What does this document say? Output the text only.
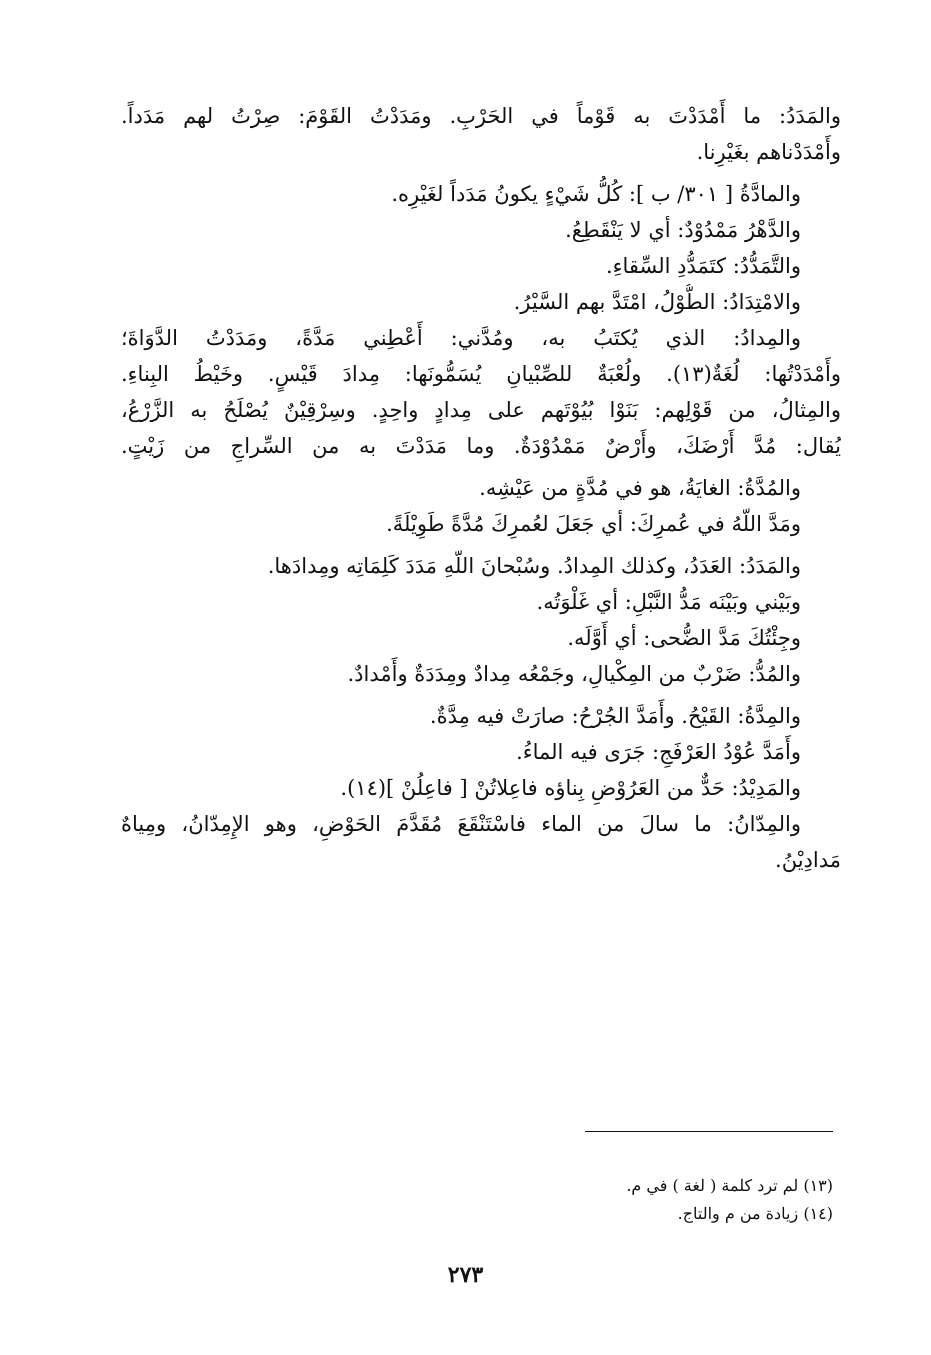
والمَدَدُ: ما أَمْدَدْتَ به قَوْماً في الحَرْبِ. ومَدَدْتُ القَوْمَ: صِرْتُ لهم مَدَداً.
وأَمْدَدْناهم بغَيْرِنا.
والمادَّةُ [ ٣٠١/ ب ]: كُلُّ شَيْءٍ يكونُ مَدَداً لغَيْرِه.
والدَّهْرُ مَمْدُوْدٌ: أي لا يَنْقَطِعُ.
والتَّمَدُّدُ: كتَمَدُّدِ السِّقاءِ.
والامْتِدَادُ: الطُّوْلُ، امْتَدَّ بهم السَّيْرُ.
والمِدادُ: الذي يُكتَبُ به، ومُدَّني: أَعْطِني مَدَّةً، ومَدَدْتُ الدَّوَاةَ؛
وأَمْدَدْتُها: لُغَةٌ(١٣). ولُعْبَةٌ للصِّبْيانِ يُسَمُّونَها: مِدادَ قَيْسٍ. وخَيْطُ البِناءِ.
والمِثالُ، من قَوْلِهم: بَنَوْا بُيُوْتَهم على مِدادٍ واحِدٍ. وسِرْقِيْنٌ يُصْلَحُ به الزَّرْعُ،
يُقال: مُدَّ أَرْضَكَ، وأَرْضٌ مَمْدُوْدَةٌ. وما مَدَدْتَ به من السِّراجِ من زَيْتٍ.
والمُدَّةُ: الغايَةُ، هو في مُدَّةٍ من عَيْشِه.
ومَدَّ اللّهُ في عُمرِكَ: أي جَعَلَ لعُمرِكَ مُدَّةً طَوِيْلَةً.
والمَدَدُ: العَدَدُ، وكذلك المِدادُ. وسُبْحانَ اللّهِ مَدَدَ كَلِمَاتِه ومِدادَها.
وبَيْني وبَيْنَه مَدُّ النَّبْلِ: أي غَلْوَتُه.
وجِئْتُكَ مَدَّ الضُّحى: أي أَوَّلَه.
والمُدُّ: ضَرْبٌ من المِكْيالِ، وجَمْعُه مِدادٌ ومِدَدَةٌ وأَمْدادٌ.
والمِدَّةُ: القَيْحُ. وأَمَدَّ الجُرْحُ: صارَتْ فيه مِدَّةٌ.
وأَمَدَّ عُوْدُ العَرْفَجِ: جَرَى فيه الماءُ.
والمَدِيْدُ: حَدٌّ من العَرُوْضِ بِناؤه فاعِلاتُنْ [ فاعِلُنْ ](١٤).
والمِدّانُ: ما سالَ من الماء فاسْتَنْقَعَ مُقَدَّمَ الحَوْضِ، وهو الإِمِدّانُ، ومِياهٌ
مَدادِيْنُ.
(١٣) لم ترد كلمة ( لغة ) في م.
(١٤) زيادة من م والتاج.
٢٧٣
